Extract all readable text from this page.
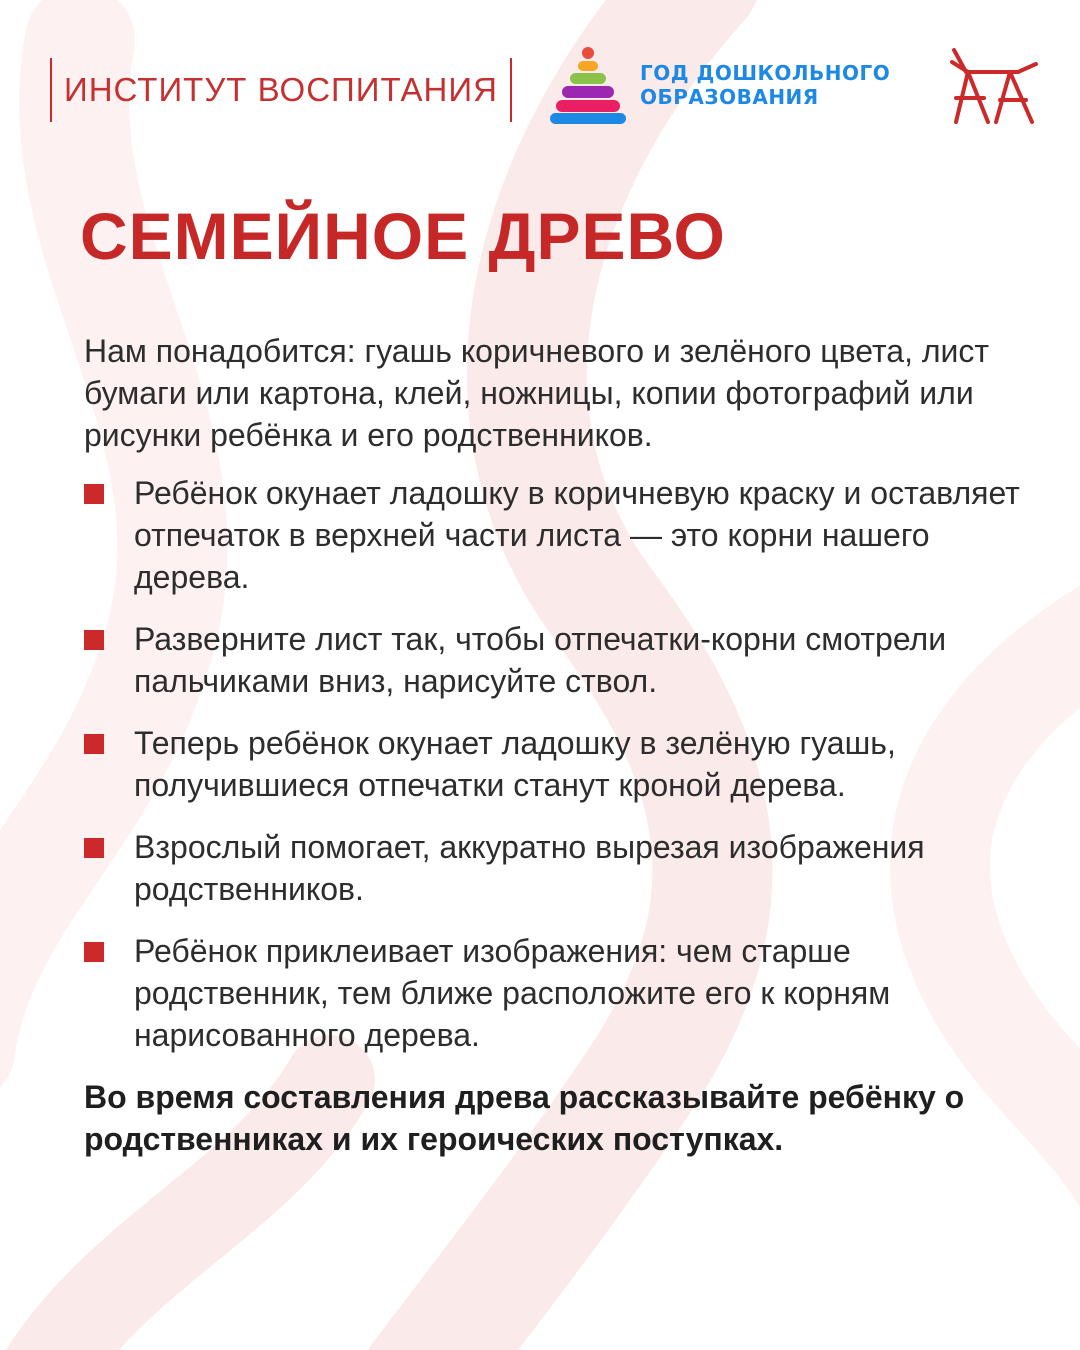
ИНСТИТУТ ВОСПИТАНИЯ	ГОД ДОШКОЛЬНОГО
ОБРАЗОВАНИЯ
СЕМЕЙНОЕ ДРЕВО

Нам понадобится: гуашь коричневого и зелёного цвета, лист бумаги или картона, клей, ножницы, копии фотографий или рисунки ребёнка и его родственников.

Ребёнок окунает ладошку в коричневую краску и оставляет отпечаток в верхней части листа — это корни нашего дерева.
Разверните лист так, чтобы отпечатки-корни смотрели пальчиками вниз, нарисуйте ствол.
Теперь ребёнок окунает ладошку в зелёную гуашь, получившиеся отпечатки станут кроной дерева.
Взрослый помогает, аккуратно вырезая изображения родственников.
Ребёнок приклеивает изображения: чем старше родственник, тем ближе расположите его к корням нарисованного дерева.

Во время составления древа рассказывайте ребёнку о родственниках и их героических поступках.
